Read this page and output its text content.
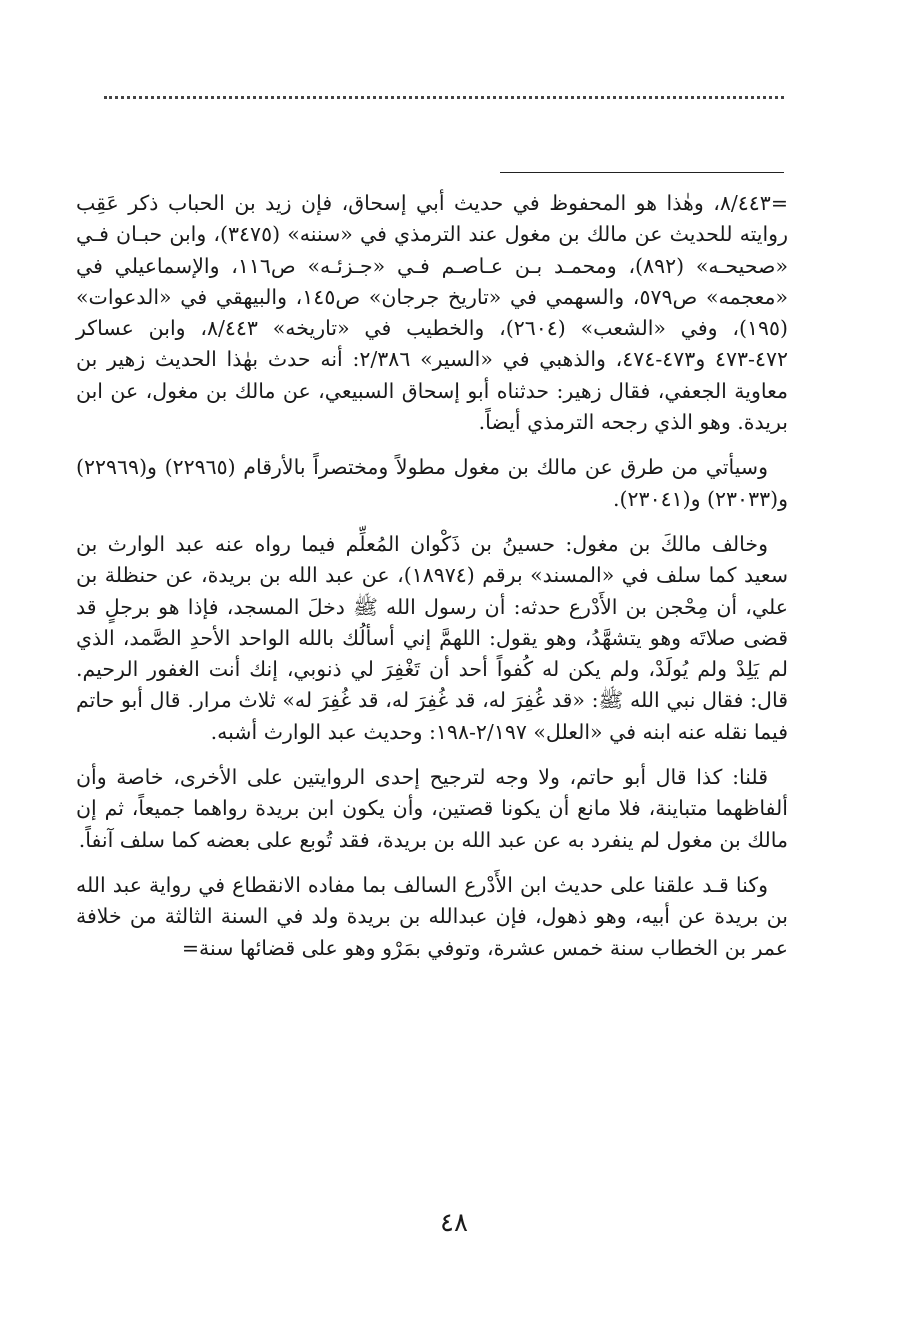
=٨/٤٤٣، وهٰذا هو المحفوظ في حديث أبي إسحاق، فإن زيد بن الحباب ذكر عَقِب روايته للحديث عن مالك بن مغول عند الترمذي في «سننه» (٣٤٧٥)، وابن حبـان فـي «صحيحـه» (٨٩٢)، ومحمـد بـن عـاصـم فـي «جـزئـه» ص١١٦، والإسماعيلي في «معجمه» ص٥٧٩، والسهمي في «تاريخ جرجان» ص١٤٥، والبيهقي في «الدعوات» (١٩٥)، وفي «الشعب» (٢٦٠٤)، والخطيب في «تاريخه» ٨/٤٤٣، وابن عساكر ٤٧٢-٤٧٣ و٤٧٣-٤٧٤، والذهبي في «السير» ٢/٣٨٦: أنه حدث بهٰذا الحديث زهير بن معاوية الجعفي، فقال زهير: حدثناه أبو إسحاق السبيعي، عن مالك بن مغول، عن ابن بريدة. وهو الذي رجحه الترمذي أيضاً.

وسيأتي من طرق عن مالك بن مغول مطولاً ومختصراً بالأرقام (٢٢٩٦٥) و(٢٢٩٦٩) و(٢٣٠٣٣) و(٢٣٠٤١).

وخالف مالكَ بن مغول: حسينُ بن ذَكْوان المُعلِّم فيما رواه عنه عبد الوارث بن سعيد كما سلف في «المسند» برقم (١٨٩٧٤)، عن عبد الله بن بريدة، عن حنظلة بن علي، أن مِحْجن بن الأَدْرع حدثه: أن رسول الله ﷺ دخلَ المسجد، فإذا هو برجلٍ قد قضى صلاتَه وهو يتشهَّدُ، وهو يقول: اللهمَّ إني أسألُك بالله الواحد الأحدِ الصَّمد، الذي لم يَلِدْ ولم يُولَدْ، ولم يكن له كُفواً أحد أن تَغْفِرَ لي ذنوبي، إنك أنت الغفور الرحيم. قال: فقال نبي الله ﷺ: «قد غُفِرَ له، قد غُفِرَ له، قد غُفِرَ له» ثلاث مرار. قال أبو حاتم فيما نقله عنه ابنه في «العلل» ٢/١٩٧-١٩٨: وحديث عبد الوارث أشبه.

قلنا: كذا قال أبو حاتم، ولا وجه لترجيح إحدى الروايتين على الأخرى، خاصة وأن ألفاظهما متباينة، فلا مانع أن يكونا قصتين، وأن يكون ابن بريدة رواهما جميعاً، ثم إن مالك بن مغول لم ينفرد به عن عبد الله بن بريدة، فقد تُوبع على بعضه كما سلف آنفاً.

وكنا قـد علقنا على حديث ابن الأَدْرع السالف بما مفاده الانقطاع في رواية عبد الله بن بريدة عن أبيه، وهو ذهول، فإن عبدالله بن بريدة ولد في السنة الثالثة من خلافة عمر بن الخطاب سنة خمس عشرة، وتوفي بمَرْو وهو على قضائها سنة=

٤٨
